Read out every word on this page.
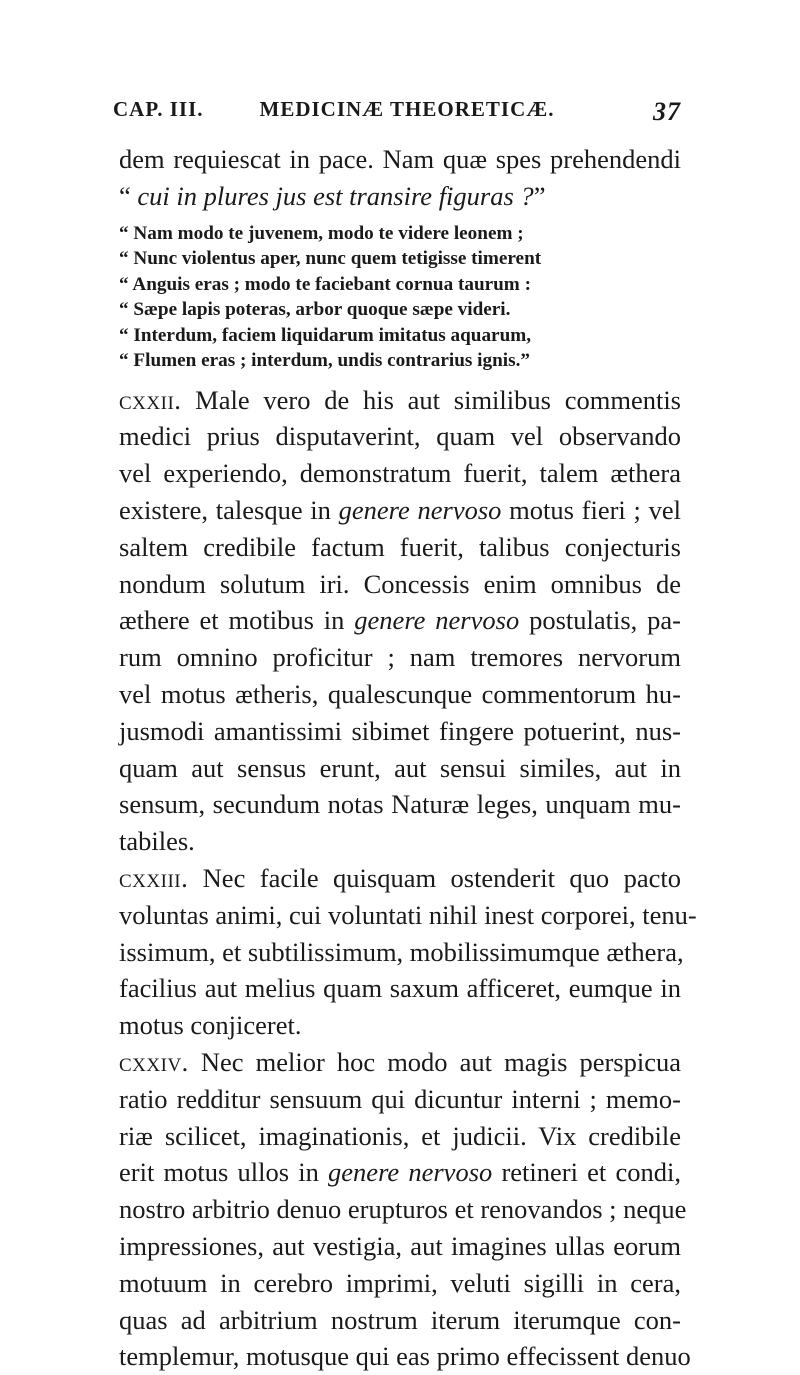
CAP. III.	MEDICINÆ THEORETICÆ.	37
dem requiescat in pace. Nam quæ spes prehendendi
“ cui in plures jus est transire figuras ?”
“ Nam modo te juvenem, modo te videre leonem ;
“ Nunc violentus aper, nunc quem tetigisse timerent
“ Anguis eras ; modo te faciebant cornua taurum :
“ Sæpe lapis poteras, arbor quoque sæpe videri.
“ Interdum, faciem liquidarum imitatus aquarum,
“ Flumen eras ; interdum, undis contrarius ignis.”
cxxii. Male vero de his aut similibus commentis
medici prius disputaverint, quam vel observando
vel experiendo, demonstratum fuerit, talem æthera
existere, talesque in genere nervoso motus fieri ; vel
saltem credibile factum fuerit, talibus conjecturis
nondum solutum iri. Concessis enim omnibus de
æthere et motibus in genere nervoso postulatis, pa-
rum omnino proficitur ; nam tremores nervorum
vel motus ætheris, qualescunque commentorum hu-
jusmodi amantissimi sibimet fingere potuerint, nus-
quam aut sensus erunt, aut sensui similes, aut in
sensum, secundum notas Naturæ leges, unquam mu-
tabiles.
cxxiii. Nec facile quisquam ostenderit quo pacto
voluntas animi, cui voluntati nihil inest corporei, tenu-
issimum, et subtilissimum, mobilissimumque æthera,
facilius aut melius quam saxum afficeret, eumque in
motus conjiceret.
cxxiv. Nec melior hoc modo aut magis perspicua
ratio redditur sensuum qui dicuntur interni ; memo-
riæ scilicet, imaginationis, et judicii. Vix credibile
erit motus ullos in genere nervoso retineri et condi,
nostro arbitrio denuo erupturos et renovandos ; neque
impressiones, aut vestigia, aut imagines ullas eorum
motuum in cerebro imprimi, veluti sigilli in cera,
quas ad arbitrium nostrum iterum iterumque con-
templemur, motusque qui eas primo effecissent denuo
